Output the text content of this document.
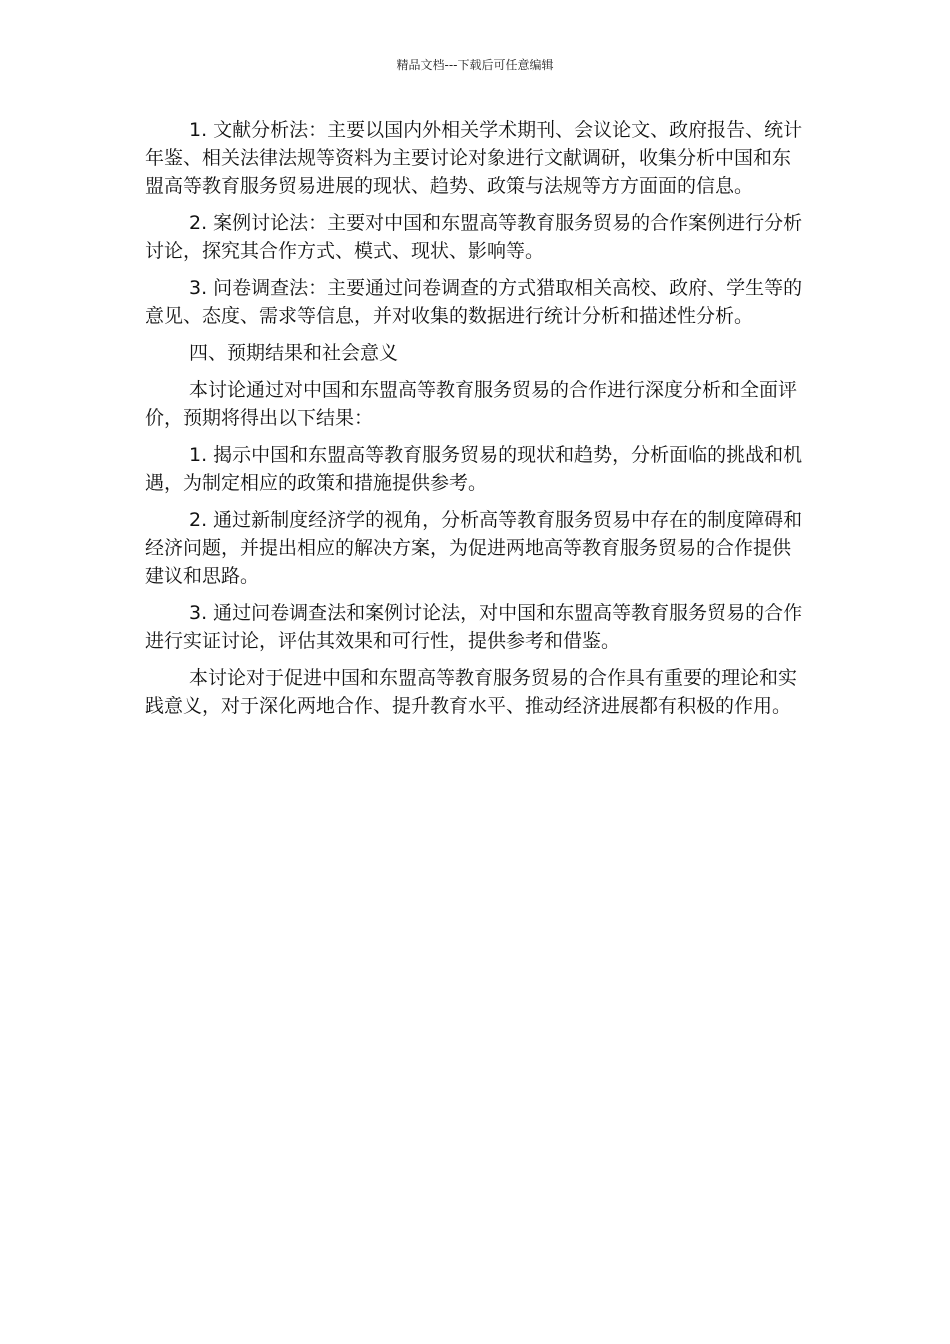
精品文档---下载后可任意编辑

1. 文献分析法：主要以国内外相关学术期刊、会议论文、政府报告、统计年鉴、相关法律法规等资料为主要讨论对象进行文献调研，收集分析中国和东盟高等教育服务贸易进展的现状、趋势、政策与法规等方方面面的信息。

2. 案例讨论法：主要对中国和东盟高等教育服务贸易的合作案例进行分析讨论，探究其合作方式、模式、现状、影响等。

3. 问卷调查法：主要通过问卷调查的方式猎取相关高校、政府、学生等的意见、态度、需求等信息，并对收集的数据进行统计分析和描述性分析。

四、预期结果和社会意义

本讨论通过对中国和东盟高等教育服务贸易的合作进行深度分析和全面评价，预期将得出以下结果：

1. 揭示中国和东盟高等教育服务贸易的现状和趋势，分析面临的挑战和机遇，为制定相应的政策和措施提供参考。

2. 通过新制度经济学的视角，分析高等教育服务贸易中存在的制度障碍和经济问题，并提出相应的解决方案，为促进两地高等教育服务贸易的合作提供建议和思路。

3. 通过问卷调查法和案例讨论法，对中国和东盟高等教育服务贸易的合作进行实证讨论，评估其效果和可行性，提供参考和借鉴。

本讨论对于促进中国和东盟高等教育服务贸易的合作具有重要的理论和实践意义，对于深化两地合作、提升教育水平、推动经济进展都有积极的作用。
